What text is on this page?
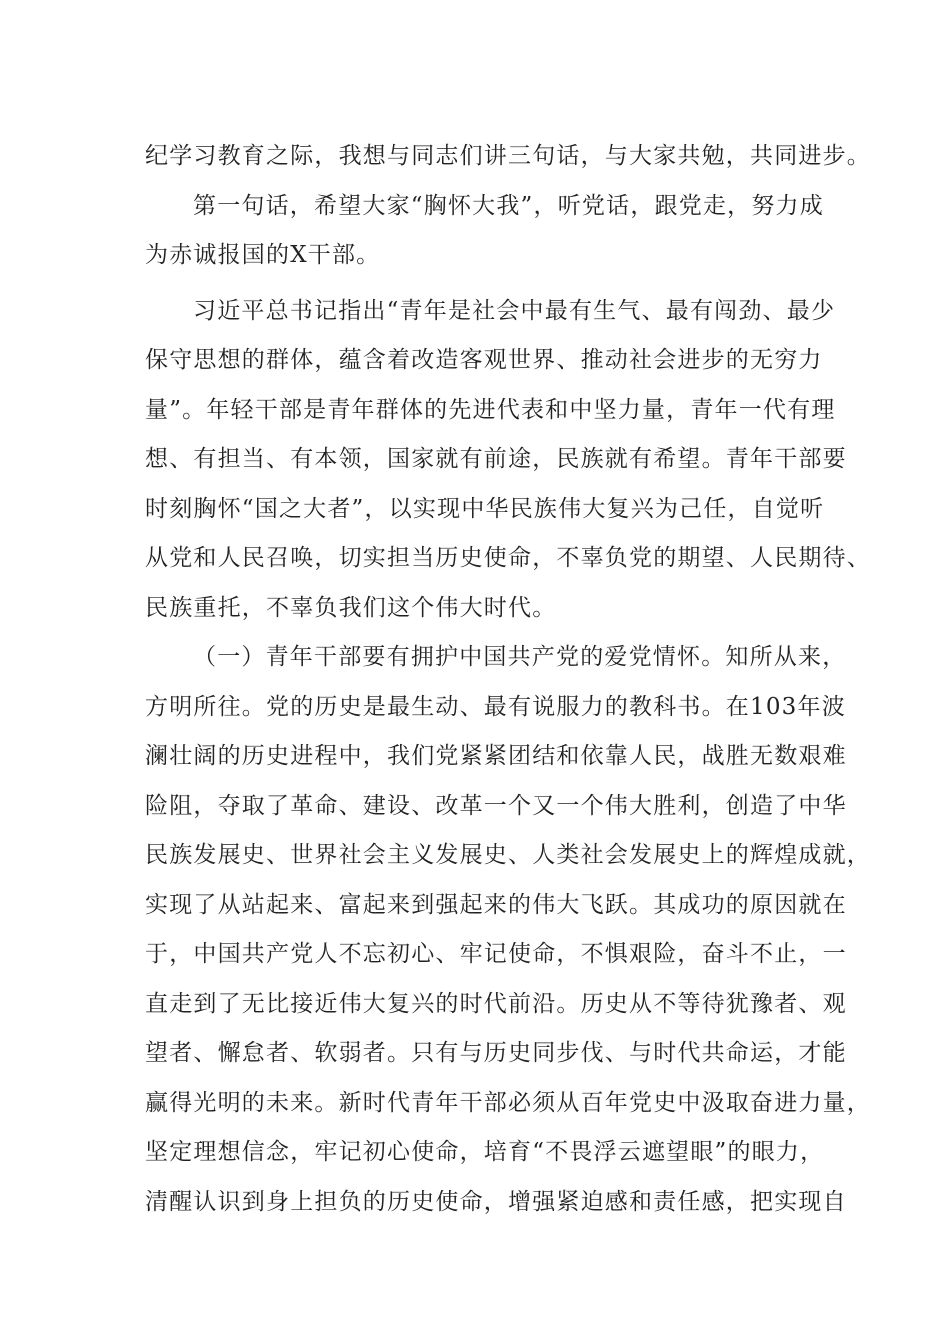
纪学习教育之际，我想与同志们讲三句话，与大家共勉，共同进步。
第一句话，希望大家“胸怀大我”，听党话，跟党走，努力成
为赤诚报国的X干部。
习近平总书记指出“青年是社会中最有生气、最有闯劲、最少
保守思想的群体，蕴含着改造客观世界、推动社会进步的无穷力
量”。年轻干部是青年群体的先进代表和中坚力量，青年一代有理
想、有担当、有本领，国家就有前途，民族就有希望。青年干部要
时刻胸怀“国之大者”，以实现中华民族伟大复兴为己任，自觉听
从党和人民召唤，切实担当历史使命，不辜负党的期望、人民期待、
民族重托，不辜负我们这个伟大时代。
（一）青年干部要有拥护中国共产党的爱党情怀。知所从来，
方明所往。党的历史是最生动、最有说服力的教科书。在103年波
澜壮阔的历史进程中，我们党紧紧团结和依靠人民，战胜无数艰难
险阻，夺取了革命、建设、改革一个又一个伟大胜利，创造了中华
民族发展史、世界社会主义发展史、人类社会发展史上的辉煌成就，
实现了从站起来、富起来到强起来的伟大飞跃。其成功的原因就在
于，中国共产党人不忘初心、牢记使命，不惧艰险，奋斗不止，一
直走到了无比接近伟大复兴的时代前沿。历史从不等待犹豫者、观
望者、懈怠者、软弱者。只有与历史同步伐、与时代共命运，才能
赢得光明的未来。新时代青年干部必须从百年党史中汲取奋进力量，
坚定理想信念，牢记初心使命，培育“不畏浮云遮望眼”的眼力，
清醒认识到身上担负的历史使命，增强紧迫感和责任感，把实现自
